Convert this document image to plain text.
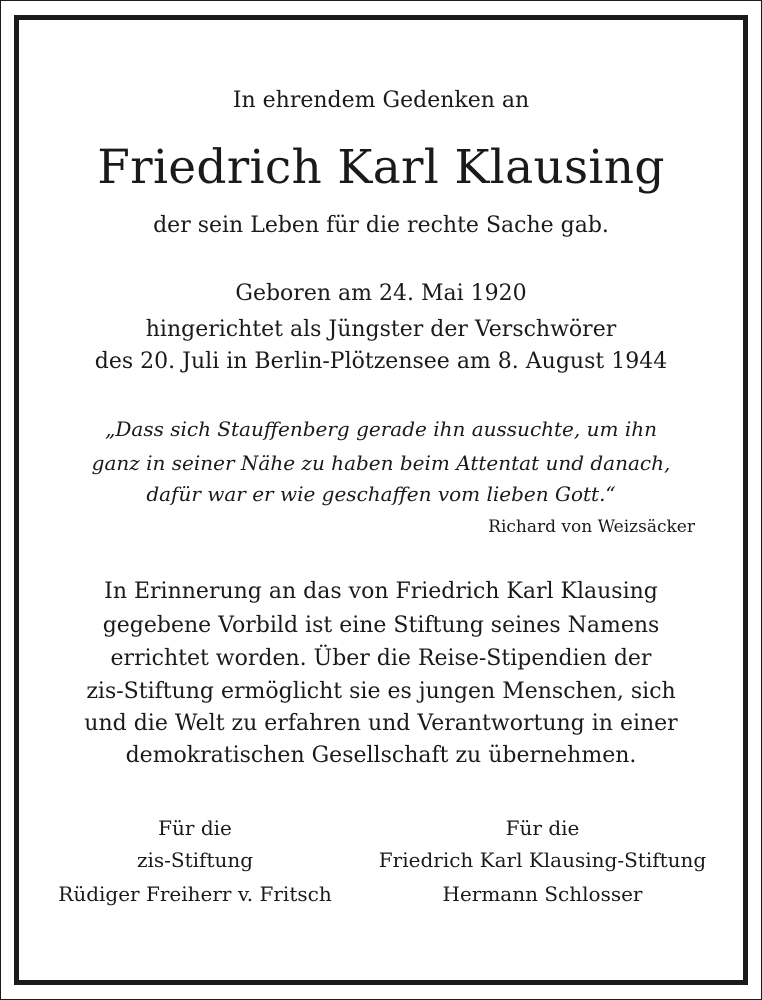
In ehrendem Gedenken an
Friedrich Karl Klausing
der sein Leben für die rechte Sache gab.
Geboren am 24. Mai 1920
hingerichtet als Jüngster der Verschwörer
des 20. Juli in Berlin-Plötzensee am 8. August 1944
„Dass sich Stauffenberg gerade ihn aussuchte, um ihn
ganz in seiner Nähe zu haben beim Attentat und danach,
dafür war er wie geschaffen vom lieben Gott.“
Richard von Weizsäcker
In Erinnerung an das von Friedrich Karl Klausing
gegebene Vorbild ist eine Stiftung seines Namens
errichtet worden. Über die Reise-Stipendien der
zis-Stiftung ermöglicht sie es jungen Menschen, sich
und die Welt zu erfahren und Verantwortung in einer
demokratischen Gesellschaft zu übernehmen.
Für die
zis-Stiftung
Rüdiger Freiherr v. Fritsch
Für die
Friedrich Karl Klausing-Stiftung
Hermann Schlosser
